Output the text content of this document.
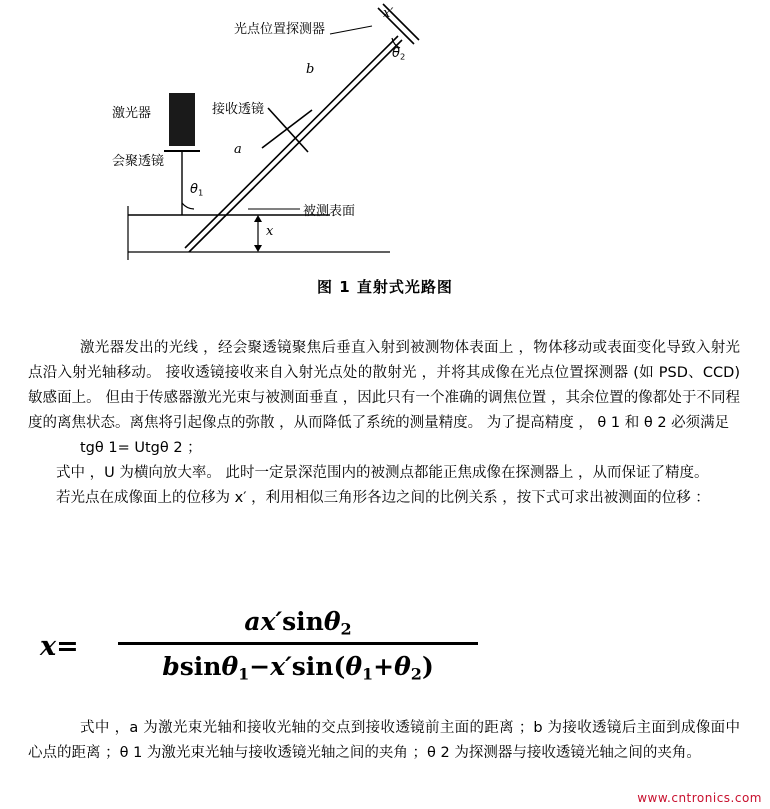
光点位置探测器
激光器	接收透镜
会聚透镜
被测表面
a
b
x′
x
$\theta_1$
$\theta_2$
图 1 直射式光路图

激光器发出的光线 ，经会聚透镜聚焦后垂直入射到被测物体表面上 ，物体移动或表面变化导致入射光点沿入射光轴移动。 接收透镜接收来自入射光点处的散射光 ，并将其成像在光点位置探测器 (如 PSD、CCD)敏感面上。 但由于传感器激光光束与被测面垂直 ，因此只有一个准确的调焦位置 ，其余位置的像都处于不同程度的离焦状态。离焦将引起像点的弥散 ，从而降低了系统的测量精度。 为了提高精度 ， θ 1 和 θ 2 必须满足

tgθ 1= Utgθ 2 ；

式中 ，U 为横向放大率。 此时一定景深范围内的被测点都能正焦成像在探测器上 ，从而保证了精度。

若光点在成像面上的位移为 x′ ，利用相似三角形各边之间的比例关系 ，按下式可求出被测面的位移 ：

x=
ax′sinθ$_2$
$bsin\theta_1-x'\sin(\theta_1+\theta_2)$

式中 ，a 为激光束光轴和接收光轴的交点到接收透镜前主面的距离 ；b 为接收透镜后主面到成像面中心点的距离 ；θ 1 为激光束光轴与接收透镜光轴之间的夹角 ；θ 2 为探测器与接收透镜光轴之间的夹角。

www.cntronics.com
